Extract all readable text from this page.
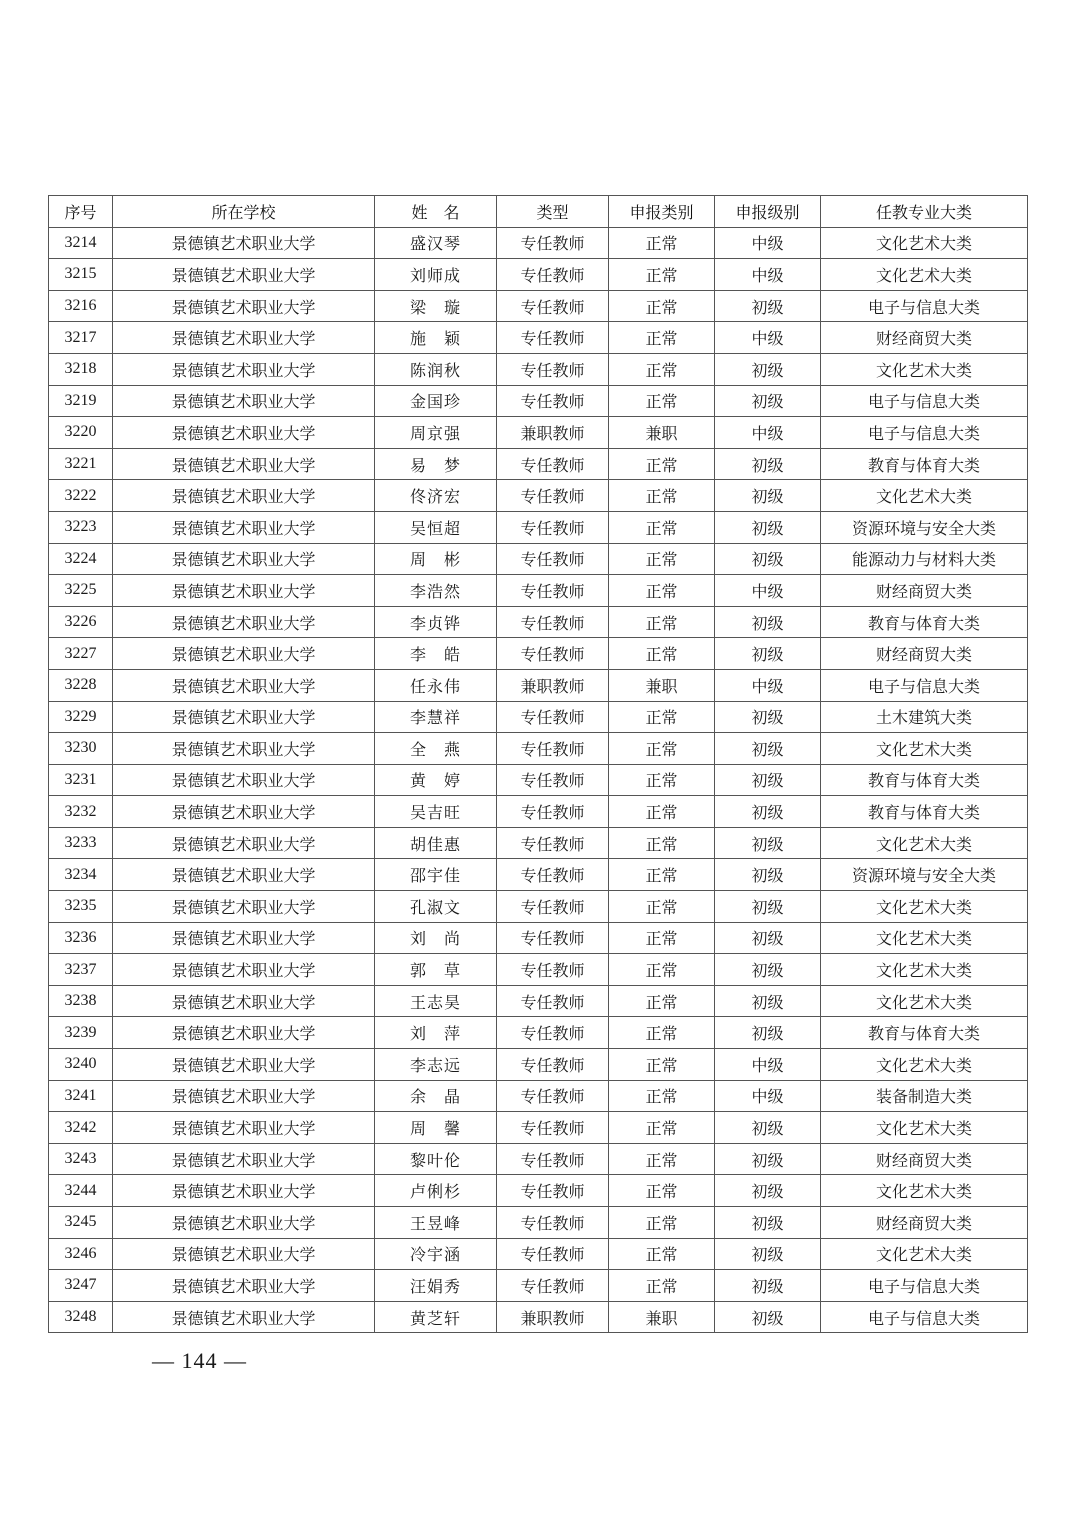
序号	所在学校	姓　名	类型	申报类别	申报级别	任教专业大类
3214	景德镇艺术职业大学	盛汉琴	专任教师	正常	中级	文化艺术大类
3215	景德镇艺术职业大学	刘师成	专任教师	正常	中级	文化艺术大类
3216	景德镇艺术职业大学	梁　璇	专任教师	正常	初级	电子与信息大类
3217	景德镇艺术职业大学	施　颖	专任教师	正常	中级	财经商贸大类
3218	景德镇艺术职业大学	陈润秋	专任教师	正常	初级	文化艺术大类
3219	景德镇艺术职业大学	金国珍	专任教师	正常	初级	电子与信息大类
3220	景德镇艺术职业大学	周京强	兼职教师	兼职	中级	电子与信息大类
3221	景德镇艺术职业大学	易　梦	专任教师	正常	初级	教育与体育大类
3222	景德镇艺术职业大学	佟济宏	专任教师	正常	初级	文化艺术大类
3223	景德镇艺术职业大学	吴恒超	专任教师	正常	初级	资源环境与安全大类
3224	景德镇艺术职业大学	周　彬	专任教师	正常	初级	能源动力与材料大类
3225	景德镇艺术职业大学	李浩然	专任教师	正常	中级	财经商贸大类
3226	景德镇艺术职业大学	李贞铧	专任教师	正常	初级	教育与体育大类
3227	景德镇艺术职业大学	李　皓	专任教师	正常	初级	财经商贸大类
3228	景德镇艺术职业大学	任永伟	兼职教师	兼职	中级	电子与信息大类
3229	景德镇艺术职业大学	李慧祥	专任教师	正常	初级	土木建筑大类
3230	景德镇艺术职业大学	全　燕	专任教师	正常	初级	文化艺术大类
3231	景德镇艺术职业大学	黄　婷	专任教师	正常	初级	教育与体育大类
3232	景德镇艺术职业大学	吴吉旺	专任教师	正常	初级	教育与体育大类
3233	景德镇艺术职业大学	胡佳惠	专任教师	正常	初级	文化艺术大类
3234	景德镇艺术职业大学	邵宇佳	专任教师	正常	初级	资源环境与安全大类
3235	景德镇艺术职业大学	孔淑文	专任教师	正常	初级	文化艺术大类
3236	景德镇艺术职业大学	刘　尚	专任教师	正常	初级	文化艺术大类
3237	景德镇艺术职业大学	郭　草	专任教师	正常	初级	文化艺术大类
3238	景德镇艺术职业大学	王志昊	专任教师	正常	初级	文化艺术大类
3239	景德镇艺术职业大学	刘　萍	专任教师	正常	初级	教育与体育大类
3240	景德镇艺术职业大学	李志远	专任教师	正常	中级	文化艺术大类
3241	景德镇艺术职业大学	余　晶	专任教师	正常	中级	装备制造大类
3242	景德镇艺术职业大学	周　馨	专任教师	正常	初级	文化艺术大类
3243	景德镇艺术职业大学	黎叶伦	专任教师	正常	初级	财经商贸大类
3244	景德镇艺术职业大学	卢俐杉	专任教师	正常	初级	文化艺术大类
3245	景德镇艺术职业大学	王昱峰	专任教师	正常	初级	财经商贸大类
3246	景德镇艺术职业大学	冷宇涵	专任教师	正常	初级	文化艺术大类
3247	景德镇艺术职业大学	汪娟秀	专任教师	正常	初级	电子与信息大类
3248	景德镇艺术职业大学	黄芝轩	兼职教师	兼职	初级	电子与信息大类
— 144 —
